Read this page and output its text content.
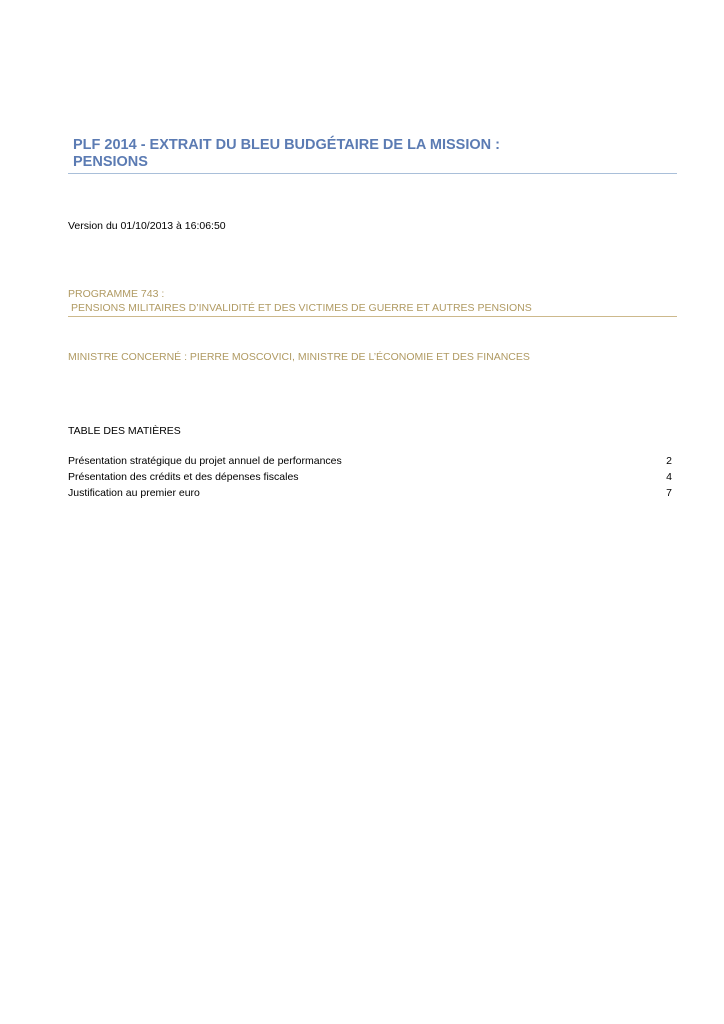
PLF 2014 - EXTRAIT DU BLEU BUDGÉTAIRE DE LA MISSION :
PENSIONS
Version du 01/10/2013 à 16:06:50
PROGRAMME 743 :
PENSIONS MILITAIRES D’INVALIDITÉ ET DES VICTIMES DE GUERRE ET AUTRES PENSIONS
MINISTRE CONCERNÉ : PIERRE MOSCOVICI, MINISTRE DE L’ÉCONOMIE ET DES FINANCES
TABLE DES MATIÈRES
Présentation stratégique du projet annuel de performances	2
Présentation des crédits et des dépenses fiscales	4
Justification au premier euro	7
